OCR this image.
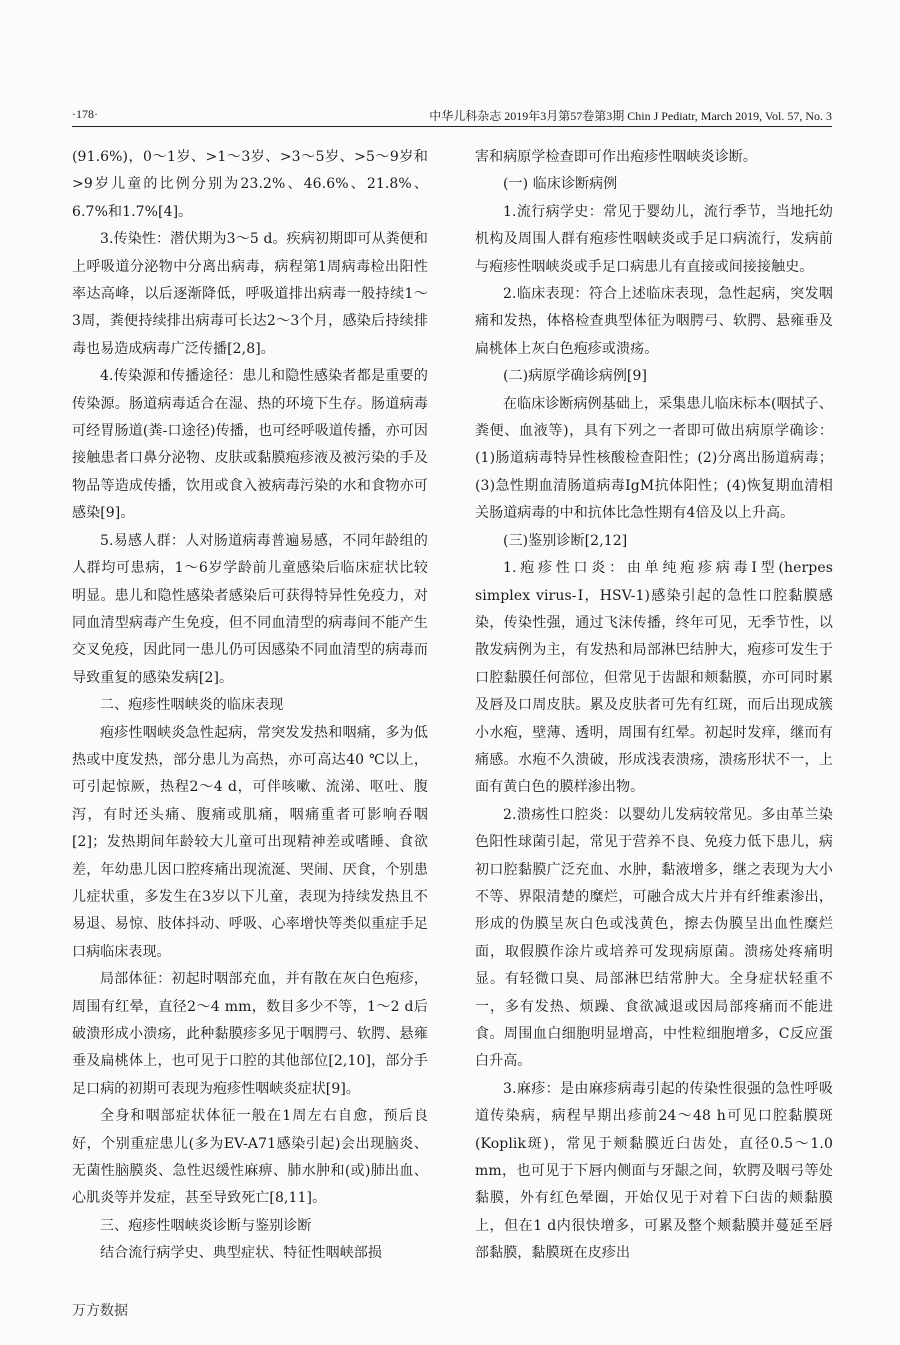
·178·	中华儿科杂志 2019年3月第57卷第3期 Chin J Pediatr, March 2019, Vol. 57, No. 3

(91.6%)，0～1岁、>1～3岁、>3～5岁、>5～9岁和>9岁儿童的比例分别为23.2%、46.6%、21.8%、6.7%和1.7%[4]。

3.传染性：潜伏期为3～5 d。疾病初期即可从粪便和上呼吸道分泌物中分离出病毒，病程第1周病毒检出阳性率达高峰，以后逐渐降低，呼吸道排出病毒一般持续1～3周，粪便持续排出病毒可长达2～3个月，感染后持续排毒也易造成病毒广泛传播[2,8]。

4.传染源和传播途径：患儿和隐性感染者都是重要的传染源。肠道病毒适合在湿、热的环境下生存。肠道病毒可经胃肠道(粪-口途径)传播，也可经呼吸道传播，亦可因接触患者口鼻分泌物、皮肤或黏膜疱疹液及被污染的手及物品等造成传播，饮用或食入被病毒污染的水和食物亦可感染[9]。

5.易感人群：人对肠道病毒普遍易感，不同年龄组的人群均可患病，1～6岁学龄前儿童感染后临床症状比较明显。患儿和隐性感染者感染后可获得特异性免疫力，对同血清型病毒产生免疫，但不同血清型的病毒间不能产生交叉免疫，因此同一患儿仍可因感染不同血清型的病毒而导致重复的感染发病[2]。

二、疱疹性咽峡炎的临床表现

疱疹性咽峡炎急性起病，常突发发热和咽痛，多为低热或中度发热，部分患儿为高热，亦可高达40 ℃以上，可引起惊厥，热程2～4 d，可伴咳嗽、流涕、呕吐、腹泻，有时还头痛、腹痛或肌痛，咽痛重者可影响吞咽[2]；发热期间年龄较大儿童可出现精神差或嗜睡、食欲差，年幼患儿因口腔疼痛出现流涎、哭闹、厌食，个别患儿症状重，多发生在3岁以下儿童，表现为持续发热且不易退、易惊、肢体抖动、呼吸、心率增快等类似重症手足口病临床表现。

局部体征：初起时咽部充血，并有散在灰白色疱疹，周围有红晕，直径2～4 mm，数目多少不等，1～2 d后破溃形成小溃疡，此种黏膜疹多见于咽腭弓、软腭、悬雍垂及扁桃体上，也可见于口腔的其他部位[2,10]，部分手足口病的初期可表现为疱疹性咽峡炎症状[9]。

全身和咽部症状体征一般在1周左右自愈，预后良好，个别重症患儿(多为EV-A71感染引起)会出现脑炎、无菌性脑膜炎、急性迟缓性麻痹、肺水肿和(或)肺出血、心肌炎等并发症，甚至导致死亡[8,11]。

三、疱疹性咽峡炎诊断与鉴别诊断

结合流行病学史、典型症状、特征性咽峡部损

害和病原学检查即可作出疱疹性咽峡炎诊断。

(一) 临床诊断病例

1.流行病学史：常见于婴幼儿，流行季节，当地托幼机构及周围人群有疱疹性咽峡炎或手足口病流行，发病前与疱疹性咽峡炎或手足口病患儿有直接或间接接触史。

2.临床表现：符合上述临床表现，急性起病，突发咽痛和发热，体格检查典型体征为咽腭弓、软腭、悬雍垂及扁桃体上灰白色疱疹或溃疡。

(二)病原学确诊病例[9]

在临床诊断病例基础上，采集患儿临床标本(咽拭子、粪便、血液等)，具有下列之一者即可做出病原学确诊：(1)肠道病毒特异性核酸检查阳性；(2)分离出肠道病毒；(3)急性期血清肠道病毒IgM抗体阳性；(4)恢复期血清相关肠道病毒的中和抗体比急性期有4倍及以上升高。

(三)鉴别诊断[2,12]

1.疱疹性口炎：由单纯疱疹病毒Ⅰ型(herpes simplex virus-Ⅰ，HSV-1)感染引起的急性口腔黏膜感染，传染性强，通过飞沫传播，终年可见，无季节性，以散发病例为主，有发热和局部淋巴结肿大，疱疹可发生于口腔黏膜任何部位，但常见于齿龈和颊黏膜，亦可同时累及唇及口周皮肤。累及皮肤者可先有红斑，而后出现成簇小水疱，壁薄、透明，周围有红晕。初起时发痒，继而有痛感。水疱不久溃破，形成浅表溃疡，溃疡形状不一，上面有黄白色的膜样渗出物。

2.溃疡性口腔炎：以婴幼儿发病较常见。多由革兰染色阳性球菌引起，常见于营养不良、免疫力低下患儿，病初口腔黏膜广泛充血、水肿，黏液增多，继之表现为大小不等、界限清楚的糜烂，可融合成大片并有纤维素渗出，形成的伪膜呈灰白色或浅黄色，擦去伪膜呈出血性糜烂面，取假膜作涂片或培养可发现病原菌。溃疡处疼痛明显。有轻微口臭、局部淋巴结常肿大。全身症状轻重不一，多有发热、烦躁、食欲减退或因局部疼痛而不能进食。周围血白细胞明显增高，中性粒细胞增多，C反应蛋白升高。

3.麻疹：是由麻疹病毒引起的传染性很强的急性呼吸道传染病，病程早期出疹前24～48 h可见口腔黏膜斑(Koplik斑)，常见于颊黏膜近臼齿处，直径0.5～1.0 mm，也可见于下唇内侧面与牙龈之间，软腭及咽弓等处黏膜，外有红色晕圈，开始仅见于对着下臼齿的颊黏膜上，但在1 d内很快增多，可累及整个颊黏膜并蔓延至唇部黏膜，黏膜斑在皮疹出

万方数据
